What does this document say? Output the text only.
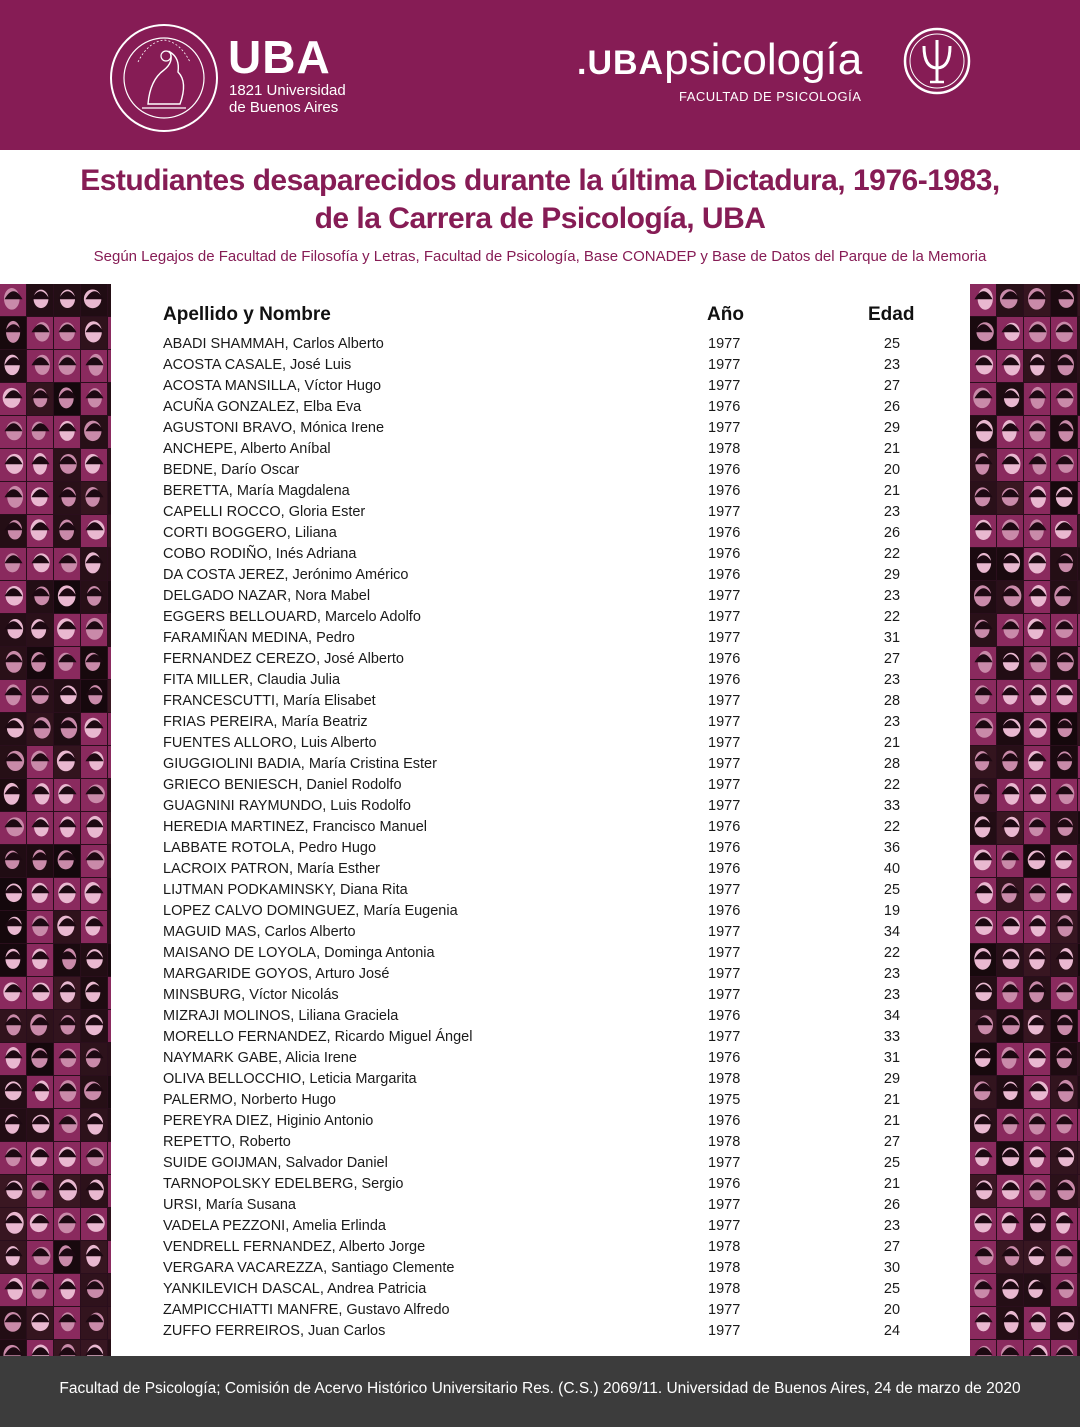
UBA
1821 Universidad
de Buenos Aires
.UBApsicología
FACULTAD DE PSICOLOGÍA
Estudiantes desaparecidos durante la última Dictadura, 1976-1983,
de la Carrera de Psicología, UBA
Según Legajos de Facultad de Filosofía y Letras, Facultad de Psicología, Base CONADEP y Base de Datos del Parque de la Memoria
Apellido y Nombre	Año	Edad
ABADI SHAMMAH, Carlos Alberto	1977	25
ACOSTA CASALE, José Luis	1977	23
ACOSTA MANSILLA, Víctor Hugo	1977	27
ACUÑA GONZALEZ, Elba Eva	1976	26
AGUSTONI BRAVO, Mónica Irene	1977	29
ANCHEPE, Alberto Aníbal	1978	21
BEDNE, Darío Oscar	1976	20
BERETTA, María Magdalena	1976	21
CAPELLI ROCCO, Gloria Ester	1977	23
CORTI BOGGERO, Liliana	1976	26
COBO RODIÑO, Inés Adriana	1976	22
DA COSTA JEREZ, Jerónimo Américo	1976	29
DELGADO NAZAR, Nora Mabel	1977	23
EGGERS BELLOUARD, Marcelo Adolfo	1977	22
FARAMIÑAN MEDINA, Pedro	1977	31
FERNANDEZ CEREZO, José Alberto	1976	27
FITA MILLER, Claudia Julia	1976	23
FRANCESCUTTI, María Elisabet	1977	28
FRIAS PEREIRA, María Beatriz	1977	23
FUENTES ALLORO, Luis Alberto	1977	21
GIUGGIOLINI BADIA, María Cristina Ester	1977	28
GRIECO BENIESCH, Daniel Rodolfo	1977	22
GUAGNINI RAYMUNDO, Luis Rodolfo	1977	33
HEREDIA MARTINEZ, Francisco Manuel	1976	22
LABBATE ROTOLA, Pedro Hugo	1976	36
LACROIX PATRON, María Esther	1976	40
LIJTMAN PODKAMINSKY, Diana Rita	1977	25
LOPEZ CALVO DOMINGUEZ, María Eugenia	1976	19
MAGUID MAS, Carlos Alberto	1977	34
MAISANO DE LOYOLA, Dominga Antonia	1977	22
MARGARIDE GOYOS, Arturo José	1977	23
MINSBURG, Víctor Nicolás	1977	23
MIZRAJI MOLINOS, Liliana Graciela	1976	34
MORELLO FERNANDEZ, Ricardo Miguel Ángel	1977	33
NAYMARK GABE, Alicia Irene	1976	31
OLIVA BELLOCCHIO, Leticia Margarita	1978	29
PALERMO, Norberto Hugo	1975	21
PEREYRA DIEZ, Higinio Antonio	1976	21
REPETTO, Roberto	1978	27
SUIDE GOIJMAN, Salvador Daniel	1977	25
TARNOPOLSKY EDELBERG, Sergio	1976	21
URSI, María Susana	1977	26
VADELA PEZZONI, Amelia Erlinda	1977	23
VENDRELL FERNANDEZ, Alberto Jorge	1978	27
VERGARA VACAREZZA, Santiago Clemente	1978	30
YANKILEVICH DASCAL, Andrea Patricia	1978	25
ZAMPICCHIATTI MANFRE, Gustavo Alfredo	1977	20
ZUFFO FERREIROS, Juan Carlos	1977	24
Facultad de Psicología; Comisión de Acervo Histórico Universitario Res. (C.S.) 2069/11. Universidad de Buenos Aires, 24 de marzo de 2020
